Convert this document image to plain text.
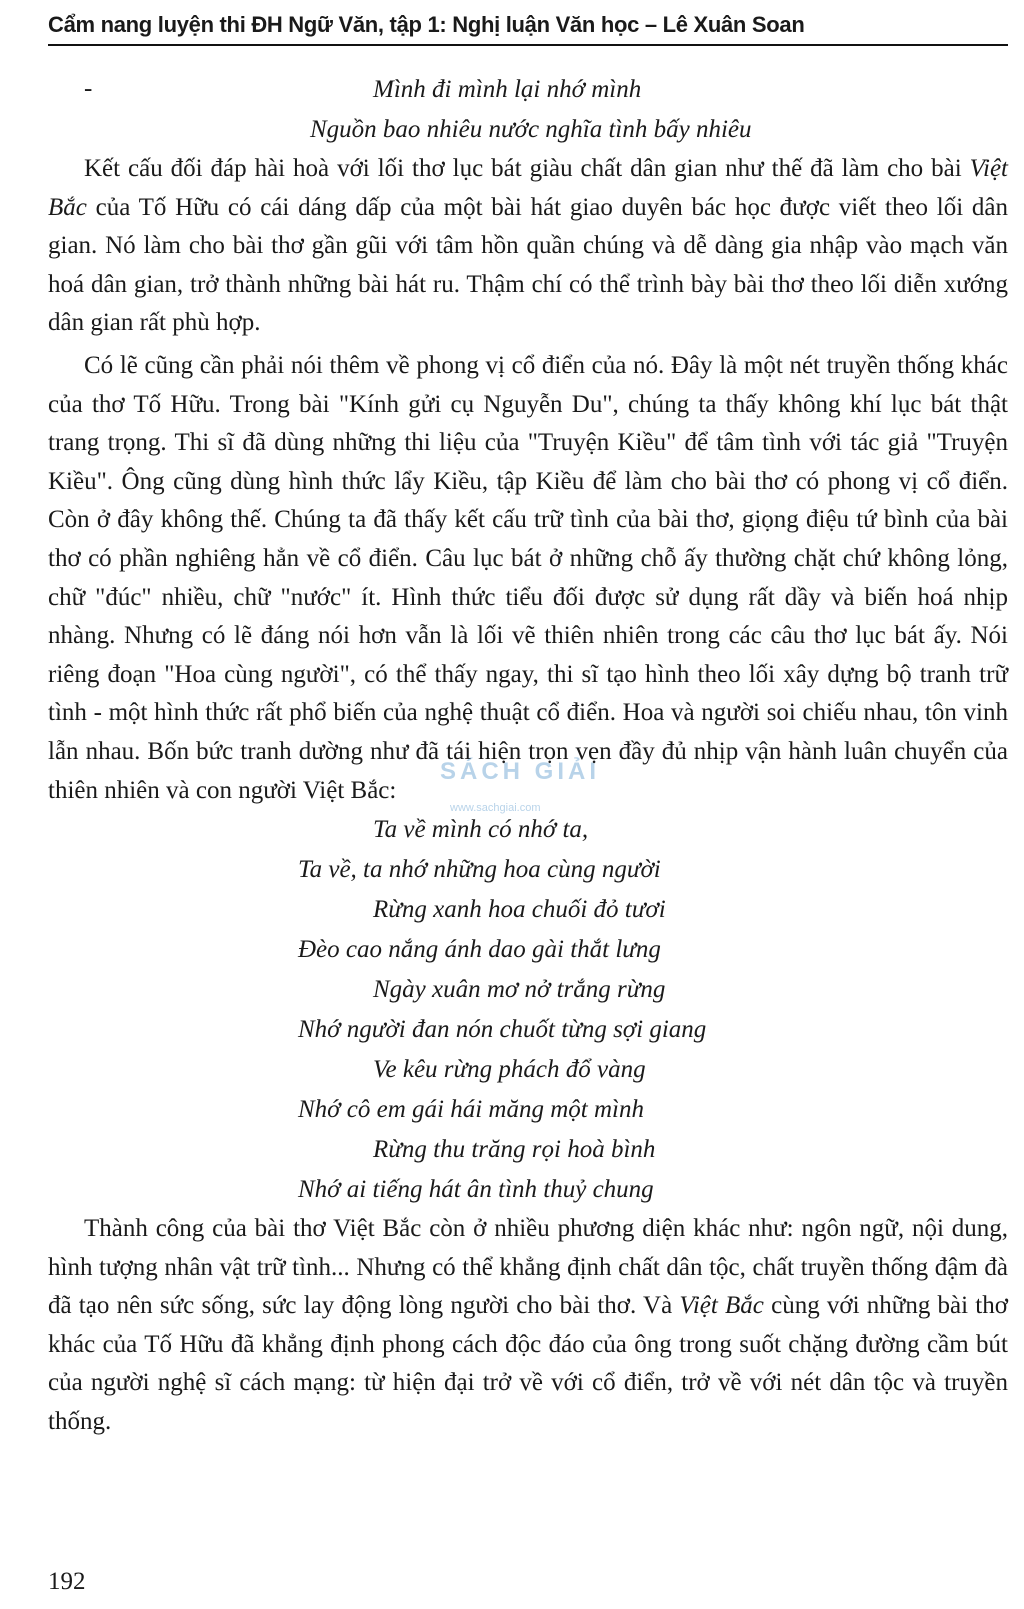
Cẩm nang luyện thi ĐH Ngữ Văn, tập 1: Nghị luận Văn học – Lê Xuân Soan
SÁCH GIẢI
www.sachgiai.com
-	Mình đi mình lại nhớ mình
Nguồn bao nhiêu nước nghĩa tình bấy nhiêu

Kết cấu đối đáp hài hoà với lối thơ lục bát giàu chất dân gian như thế đã làm cho bài Việt Bắc của Tố Hữu có cái dáng dấp của một bài hát giao duyên bác học được viết theo lối dân gian. Nó làm cho bài thơ gần gũi với tâm hồn quần chúng và dễ dàng gia nhập vào mạch văn hoá dân gian, trở thành những bài hát ru. Thậm chí có thể trình bày bài thơ theo lối diễn xướng dân gian rất phù hợp.

Có lẽ cũng cần phải nói thêm về phong vị cổ điển của nó. Đây là một nét truyền thống khác của thơ Tố Hữu. Trong bài "Kính gửi cụ Nguyễn Du", chúng ta thấy không khí lục bát thật trang trọng. Thi sĩ đã dùng những thi liệu của "Truyện Kiều" để tâm tình với tác giả "Truyện Kiều". Ông cũng dùng hình thức lẩy Kiều, tập Kiều để làm cho bài thơ có phong vị cổ điển. Còn ở đây không thế. Chúng ta đã thấy kết cấu trữ tình của bài thơ, giọng điệu tứ bình của bài thơ có phần nghiêng hẳn về cổ điển. Câu lục bát ở những chỗ ấy thường chặt chứ không lỏng, chữ "đúc" nhiều, chữ "nước" ít. Hình thức tiểu đối được sử dụng rất dầy và biến hoá nhịp nhàng. Nhưng có lẽ đáng nói hơn vẫn là lối vẽ thiên nhiên trong các câu thơ lục bát ấy. Nói riêng đoạn "Hoa cùng người", có thể thấy ngay, thi sĩ tạo hình theo lối xây dựng bộ tranh trữ tình - một hình thức rất phổ biến của nghệ thuật cổ điển. Hoa và người soi chiếu nhau, tôn vinh lẫn nhau. Bốn bức tranh dường như đã tái hiện trọn vẹn đầy đủ nhịp vận hành luân chuyển của thiên nhiên và con người Việt Bắc:

Ta về mình có nhớ ta,
Ta về, ta nhớ những hoa cùng người
Rừng xanh hoa chuối đỏ tươi
Đèo cao nắng ánh dao gài thắt lưng
Ngày xuân mơ nở trắng rừng
Nhớ người đan nón chuốt từng sợi giang
Ve kêu rừng phách đổ vàng
Nhớ cô em gái hái măng một mình
Rừng thu trăng rọi hoà bình
Nhớ ai tiếng hát ân tình thuỷ chung

Thành công của bài thơ Việt Bắc còn ở nhiều phương diện khác như: ngôn ngữ, nội dung, hình tượng nhân vật trữ tình... Nhưng có thể khẳng định chất dân tộc, chất truyền thống đậm đà đã tạo nên sức sống, sức lay động lòng người cho bài thơ. Và Việt Bắc cùng với những bài thơ khác của Tố Hữu đã khẳng định phong cách độc đáo của ông trong suốt chặng đường cầm bút của người nghệ sĩ cách mạng: từ hiện đại trở về với cổ điển, trở về với nét dân tộc và truyền thống.

192
